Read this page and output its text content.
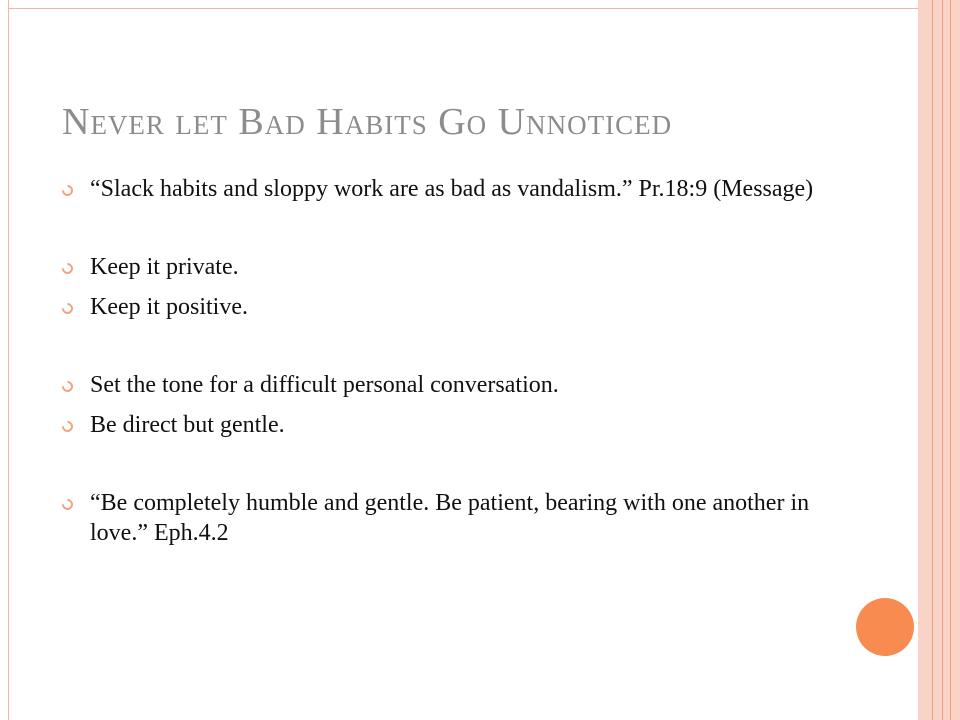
Never let Bad Habits Go Unnoticed
“Slack habits and sloppy work are as bad as vandalism.” Pr.18:9 (Message)
Keep it private.
Keep it positive.
Set the tone for a difficult personal conversation.
Be direct but gentle.
“Be completely humble and gentle. Be patient, bearing with one another in love.” Eph.4.2
